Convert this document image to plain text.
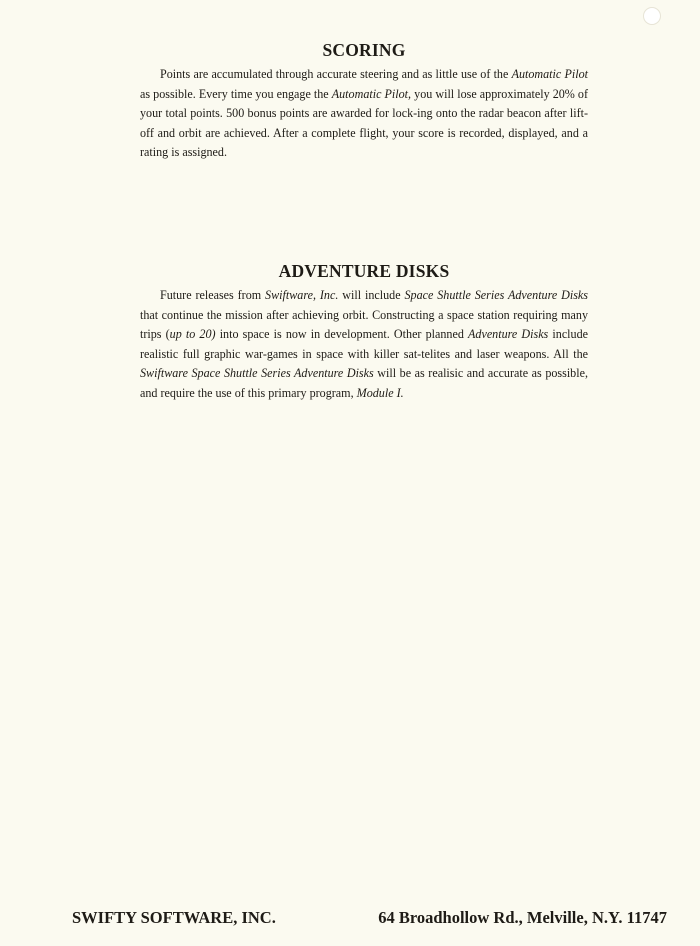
SCORING

Points are accumulated through accurate steering and as little use of the Automatic Pilot as possible. Every time you engage the Automatic Pilot, you will lose approximately 20% of your total points. 500 bonus points are awarded for lock-ing onto the radar beacon after lift-off and orbit are achieved. After a complete flight, your score is recorded, displayed, and a rating is assigned.

ADVENTURE DISKS

Future releases from Swiftware, Inc. will include Space Shuttle Series Adventure Disks that continue the mission after achieving orbit. Constructing a space station requiring many trips (up to 20) into space is now in development. Other planned Adventure Disks include realistic full graphic war-games in space with killer sat-telites and laser weapons. All the Swiftware Space Shuttle Series Adventure Disks will be as realisic and accurate as possible, and require the use of this primary program, Module I.

SWIFTY SOFTWARE, INC.	64 Broadhollow Rd., Melville, N.Y. 11747
